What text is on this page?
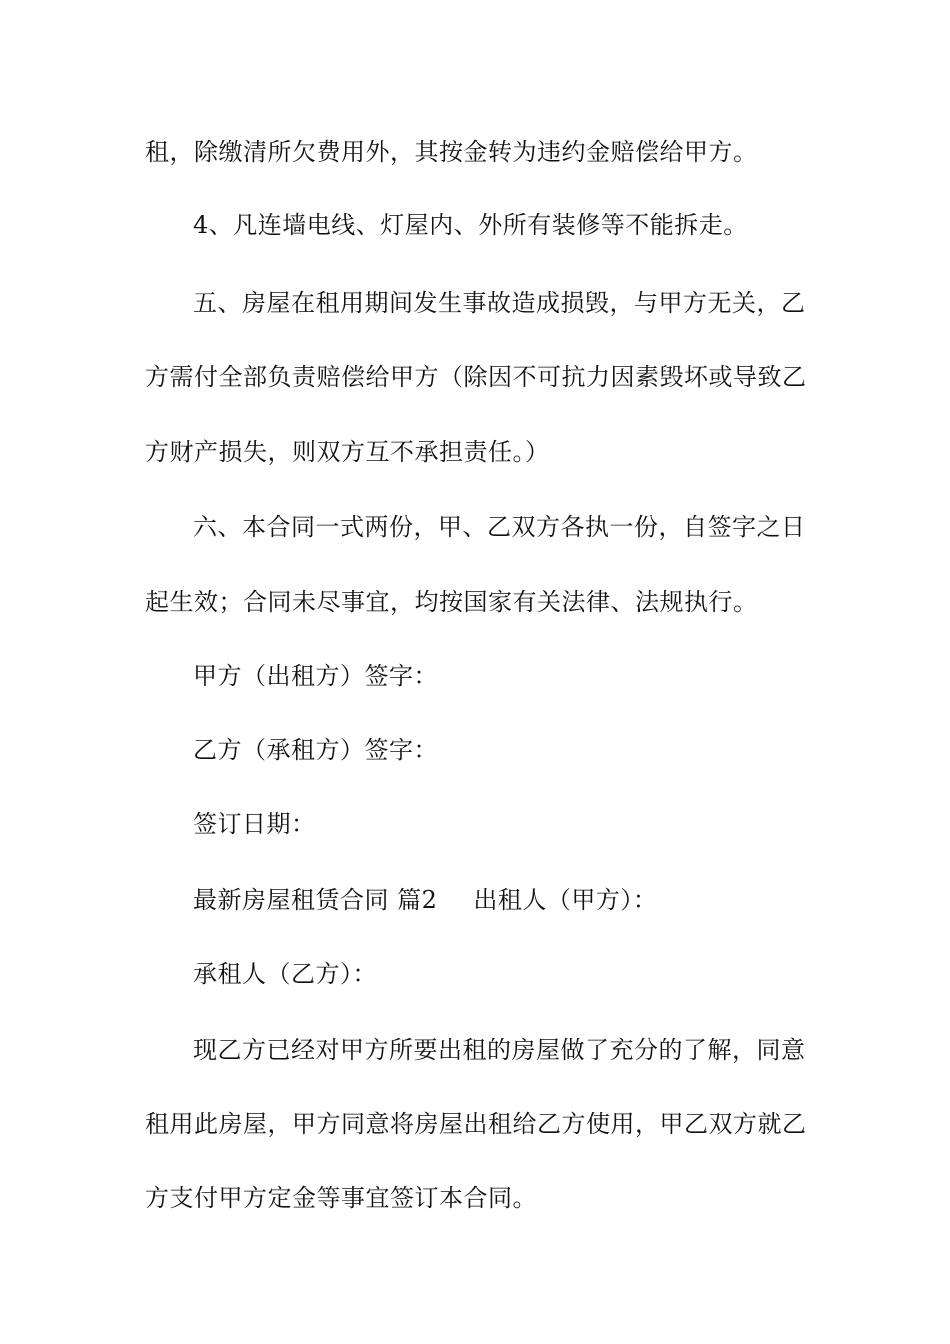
租，除缴清所欠费用外，其按金转为违约金赔偿给甲方。
4、凡连墙电线、灯屋内、外所有装修等不能拆走。
五、房屋在租用期间发生事故造成损毁，与甲方无关，乙
方需付全部负责赔偿给甲方（除因不可抗力因素毁坏或导致乙
方财产损失，则双方互不承担责任。）
六、本合同一式两份，甲、乙双方各执一份，自签字之日
起生效；合同未尽事宜，均按国家有关法律、法规执行。
甲方（出租方）签字：
乙方（承租方）签字：
签订日期：
最新房屋租赁合同 篇2 出租人（甲方）：
承租人（乙方）：
现乙方已经对甲方所要出租的房屋做了充分的了解，同意
租用此房屋，甲方同意将房屋出租给乙方使用，甲乙双方就乙
方支付甲方定金等事宜签订本合同。
